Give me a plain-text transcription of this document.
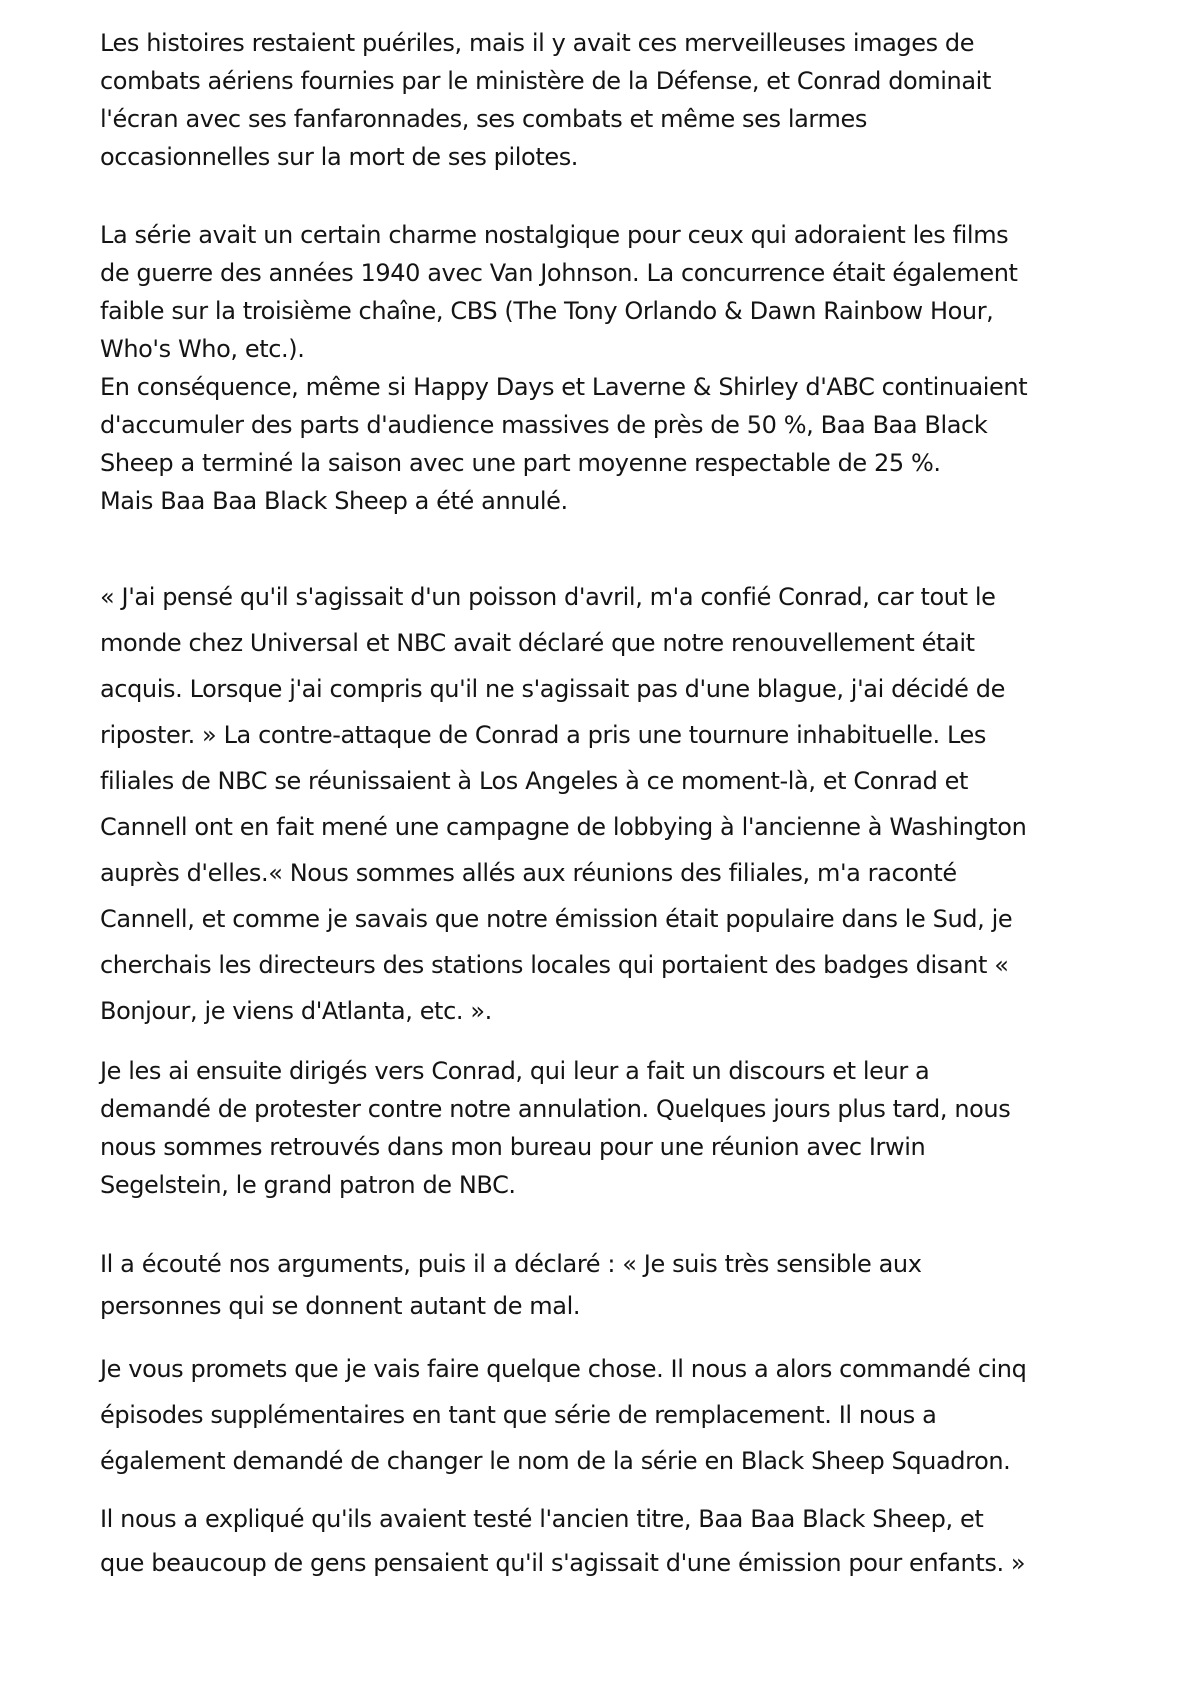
Les histoires restaient puériles, mais il y avait ces merveilleuses images de
combats aériens fournies par le ministère de la Défense, et Conrad dominait
l'écran avec ses fanfaronnades, ses combats et même ses larmes
occasionnelles sur la mort de ses pilotes.
La série avait un certain charme nostalgique pour ceux qui adoraient les films
de guerre des années 1940 avec Van Johnson. La concurrence était également
faible sur la troisième chaîne, CBS (The Tony Orlando & Dawn Rainbow Hour,
Who's Who, etc.).
En conséquence, même si Happy Days et Laverne & Shirley d'ABC continuaient
d'accumuler des parts d'audience massives de près de 50 %, Baa Baa Black
Sheep a terminé la saison avec une part moyenne respectable de 25 %.
Mais Baa Baa Black Sheep a été annulé.
« J'ai pensé qu'il s'agissait d'un poisson d'avril, m'a confié Conrad, car tout le
monde chez Universal et NBC avait déclaré que notre renouvellement était
acquis. Lorsque j'ai compris qu'il ne s'agissait pas d'une blague, j'ai décidé de
riposter. » La contre-attaque de Conrad a pris une tournure inhabituelle. Les
filiales de NBC se réunissaient à Los Angeles à ce moment-là, et Conrad et
Cannell ont en fait mené une campagne de lobbying à l'ancienne à Washington
auprès d'elles.« Nous sommes allés aux réunions des filiales, m'a raconté
Cannell, et comme je savais que notre émission était populaire dans le Sud, je
cherchais les directeurs des stations locales qui portaient des badges disant «
Bonjour, je viens d'Atlanta, etc. ».
Je les ai ensuite dirigés vers Conrad, qui leur a fait un discours et leur a
demandé de protester contre notre annulation. Quelques jours plus tard, nous
nous sommes retrouvés dans mon bureau pour une réunion avec Irwin
Segelstein, le grand patron de NBC.
Il a écouté nos arguments, puis il a déclaré : « Je suis très sensible aux
personnes qui se donnent autant de mal.
Je vous promets que je vais faire quelque chose. Il nous a alors commandé cinq
épisodes supplémentaires en tant que série de remplacement. Il nous a
également demandé de changer le nom de la série en Black Sheep Squadron.
Il nous a expliqué qu'ils avaient testé l'ancien titre, Baa Baa Black Sheep, et
que beaucoup de gens pensaient qu'il s'agissait d'une émission pour enfants. »
